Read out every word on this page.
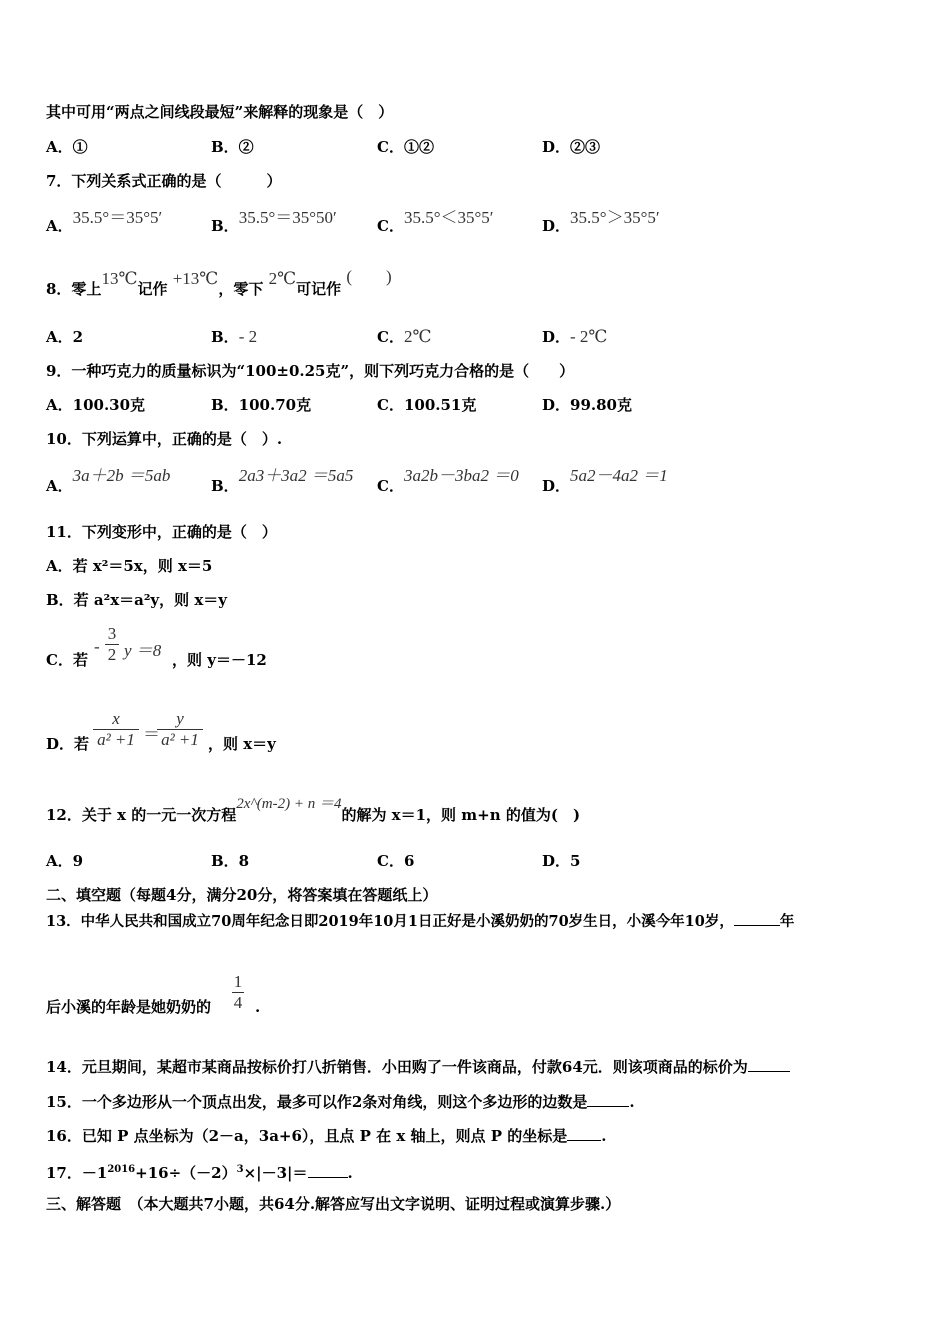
其中可用“两点之间线段最短”来解释的现象是（　）
A．①	B．②	C．①②	D．②③
7．下列关系式正确的是（　　　）
A．35.5°＝35°5′	B．35.5°＝35°50′	C．35.5°＜35°5′	D．35.5°＞35°5′
8．零上13℃记作 +13℃，零下 2℃可记作 (　　)
A．2	B．- 2	C．2℃	D．- 2℃
9．一种巧克力的质量标识为“100±0.25克”，则下列巧克力合格的是（　　）
A．100.30克	B．100.70克	C．100.51克	D．99.80克
10．下列运算中，正确的是（　）.
A．3a＋2b ＝5ab
B．2a3＋3a2 ＝5a5
C．3a2b－3ba2 ＝0
D．5a2－4a2 ＝1
11．下列变形中，正确的是（　）
A．若 x²＝5x，则 x＝5
B．若 a²x＝a²y，则 x＝y
C．若
-
3
2 y ＝8 ，则 y＝－12
D．若
x
a² +1 ＝
y
a² +1 ，则 x＝y
12．关于 x 的一元一次方程2x^(m-2) + n ＝4的解为 x＝1，则 m+n 的值为(　)
A．9	B．8	C．6	D．5
二、填空题（每题4分，满分20分，将答案填在答题纸上）
13．中华人民共和国成立70周年纪念日即2019年10月1日正好是小溪奶奶的70岁生日，小溪今年10岁，	年
后小溪的年龄是她奶奶的
1
4 .
14．元旦期间，某超市某商品按标价打八折销售．小田购了一件该商品，付款64元．则该项商品的标价为
15．一个多边形从一个顶点出发，最多可以作2条对角线，则这个多边形的边数是	.
16．已知 P 点坐标为（2－a，3a+6），且点 P 在 x 轴上，则点 P 的坐标是 .
17．$-1^{2016}+16\div(-2)^3\times|-3|=$	.
三、解答题　（本大题共7小题，共64分.解答应写出文字说明、证明过程或演算步骤.）
